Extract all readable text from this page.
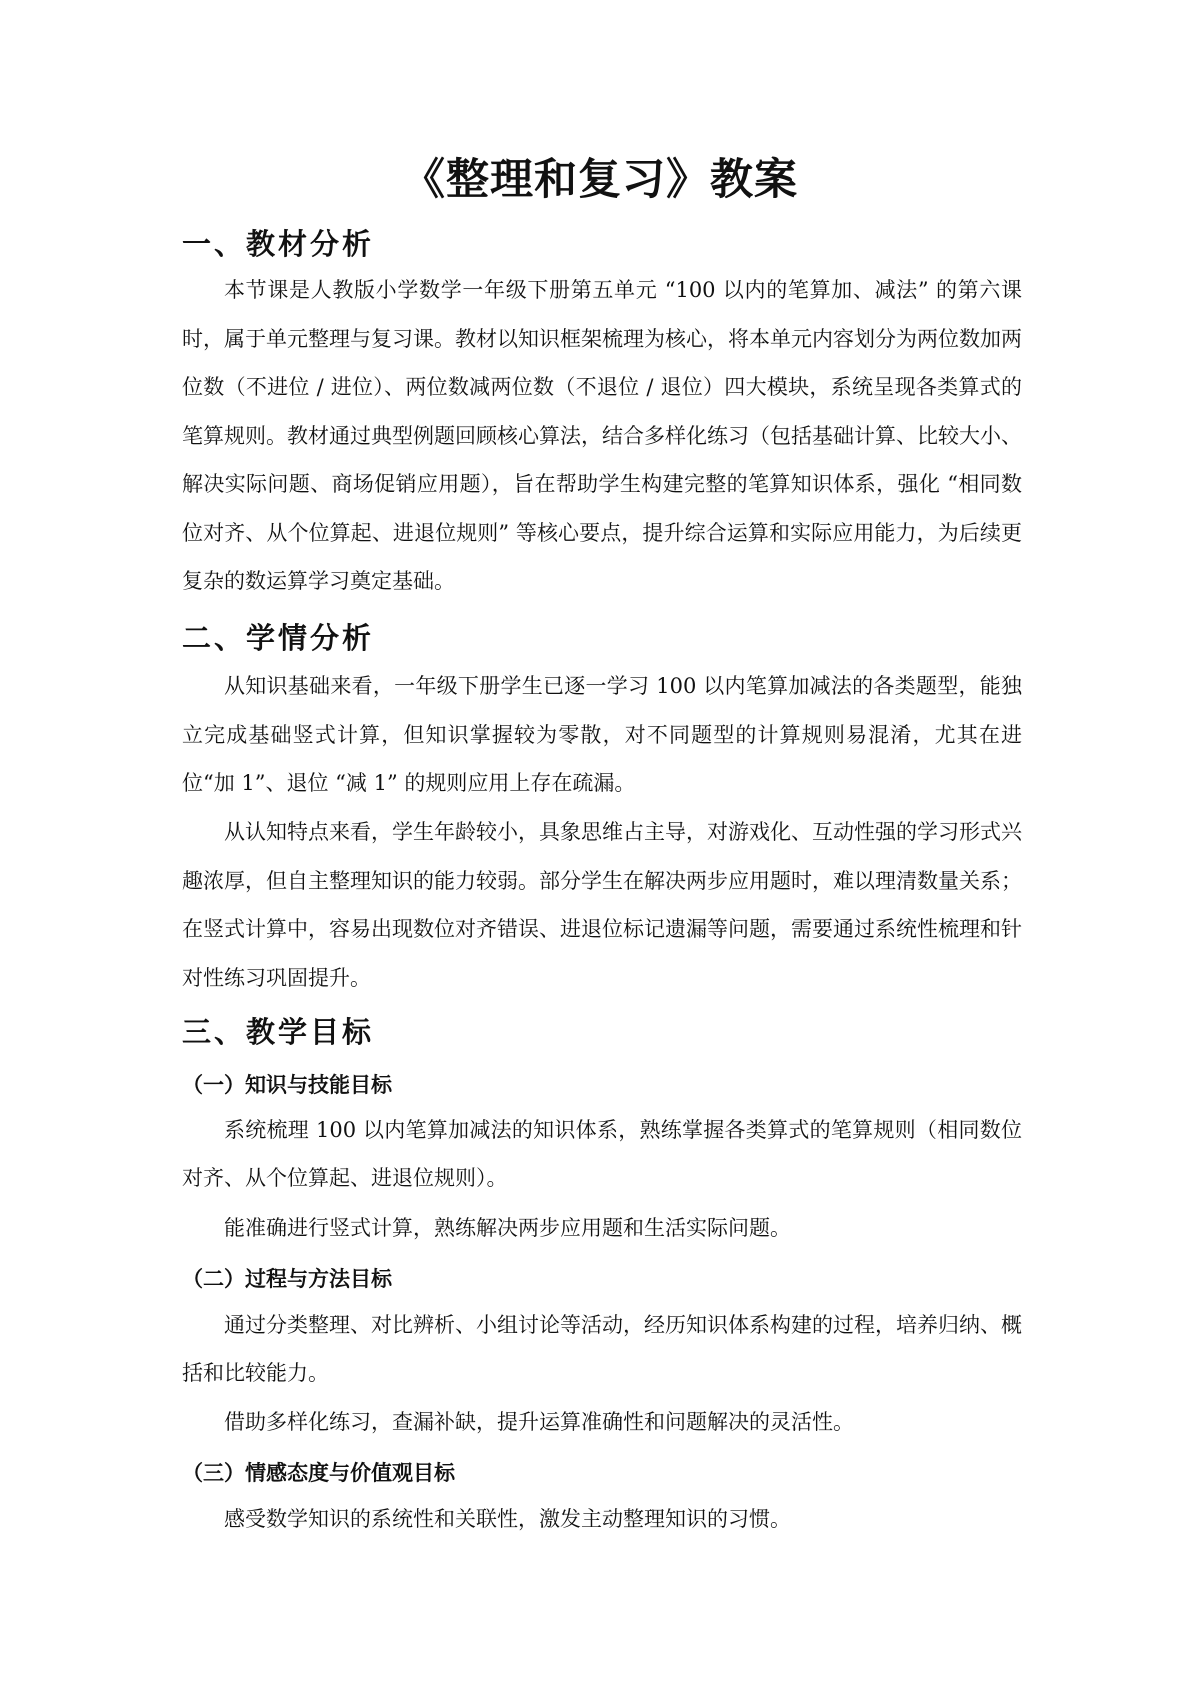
《整理和复习》教案
一、教材分析

本节课是人教版小学数学一年级下册第五单元 “100 以内的笔算加、减法” 的第六课时，属于单元整理与复习课。教材以知识框架梳理为核心，将本单元内容划分为两位数加两位数（不进位 / 进位）、两位数减两位数（不退位 / 退位）四大模块，系统呈现各类算式的笔算规则。教材通过典型例题回顾核心算法，结合多样化练习（包括基础计算、比较大小、解决实际问题、商场促销应用题），旨在帮助学生构建完整的笔算知识体系，强化 “相同数位对齐、从个位算起、进退位规则” 等核心要点，提升综合运算和实际应用能力，为后续更复杂的数运算学习奠定基础。

二、学情分析

从知识基础来看，一年级下册学生已逐一学习 100 以内笔算加减法的各类题型，能独立完成基础竖式计算，但知识掌握较为零散，对不同题型的计算规则易混淆，尤其在进位“加 1”、退位 “减 1” 的规则应用上存在疏漏。

从认知特点来看，学生年龄较小，具象思维占主导，对游戏化、互动性强的学习形式兴趣浓厚，但自主整理知识的能力较弱。部分学生在解决两步应用题时，难以理清数量关系；在竖式计算中，容易出现数位对齐错误、进退位标记遗漏等问题，需要通过系统性梳理和针对性练习巩固提升。

三、教学目标
（一）知识与技能目标

系统梳理 100 以内笔算加减法的知识体系，熟练掌握各类算式的笔算规则（相同数位对齐、从个位算起、进退位规则）。

能准确进行竖式计算，熟练解决两步应用题和生活实际问题。

（二）过程与方法目标

通过分类整理、对比辨析、小组讨论等活动，经历知识体系构建的过程，培养归纳、概括和比较能力。

借助多样化练习，查漏补缺，提升运算准确性和问题解决的灵活性。

（三）情感态度与价值观目标

感受数学知识的系统性和关联性，激发主动整理知识的习惯。
